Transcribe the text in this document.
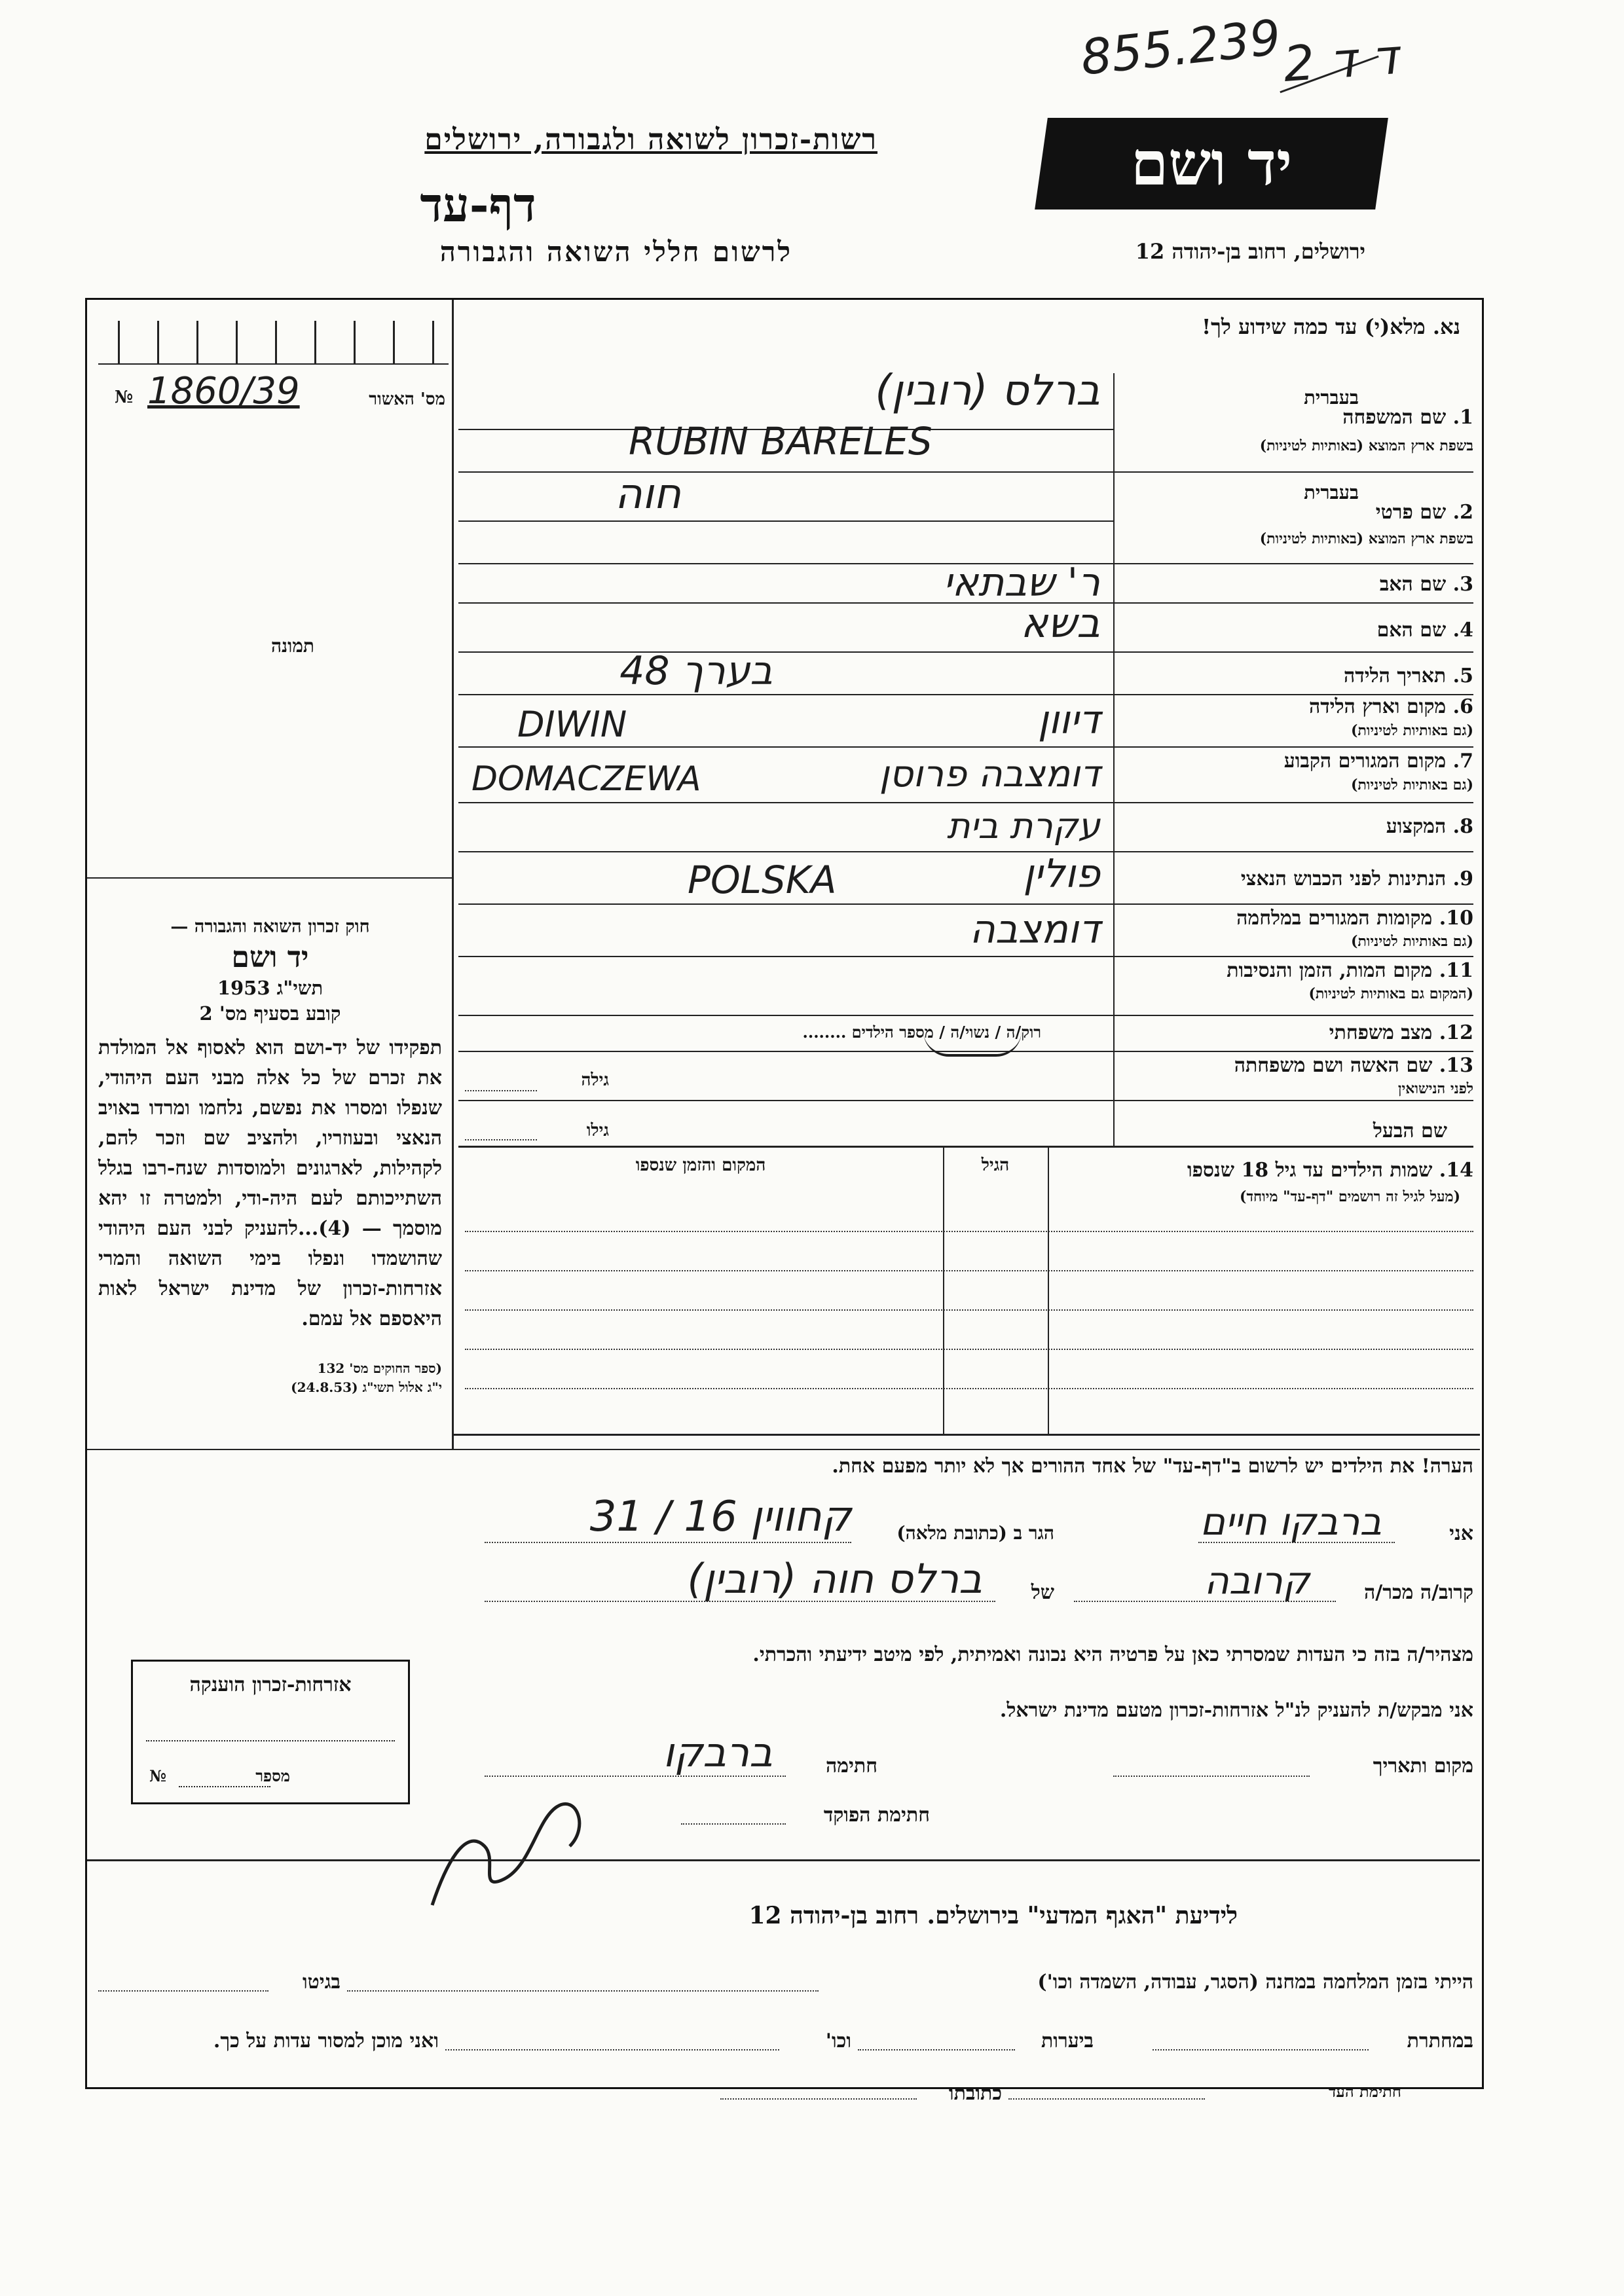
855.239
2 ד ד
רשות-זכרון לשואה ולגבורה, ירושלים
דף-עד
לרשום חללי השואה והגבורה
יד ושם
ירושלים, רחוב בן-יהודה 12
נא. מלא(י) עד כמה שידוע לך!
№ 1860/39	מס' האשור
תמונה
חוק זכרון השואה והגבורה —
יד ושם
תשי"ג 1953
קובע בסעיף מס' 2
תפקידו של יד-ושם הוא לאסוף אל המולדת את זכרם של כל אלה מבני העם היהודי, שנפלו ומסרו את נפשם, נלחמו ומרדו באויב הנאצי ובעוזריו, ולהציב שם וזכר להם, לקהילות, לארגונים ולמוסדות שנח-רבו בגלל השתייכותם לעם היה-ודי, ולמטרה זו יהא מוסמך — (4)...להעניק לבני העם היהודי שהושמדו ונפלו בימי השואה והמרי אזרחות-זכרון של מדינת ישראל לאות היאספם אל עמם.
(ספר החוקים מס' 132
י"ג אלול תשי"ג (24.8.53)
אזרחות-זכרון הוענקה
№	מספר
בעברית
בעברית
1. שם המשפחה
בשפת ארץ המוצא (באותיות לטיניות)
ברלס (רובין)
RUBIN BARELES
2. שם פרטי
בשפת ארץ המוצא (באותיות לטיניות)
חוה
3. שם האב
ר' שבתאי
4. שם האם
בשא
5. תאריך הלידה
בערך 48
6. מקום וארץ הלידה
(גם באותיות לטיניות)
דיוון
DIWIN
7. מקום המגורים הקבוע
(גם באותיות לטיניות)
דומצבה פרוסן
DOMACZEWA
8. המקצוע
עקרת בית
9. הנתינות לפני הכבוש הנאצי
פולין
POLSKA
10. מקומות המגורים במלחמה
(גם באותיות לטיניות)
דומצבה
11. מקום המות, הזמן והנסיבות
(המקום גם באותיות לטיניות)
12. מצב משפחתי
רוק/ה / נשוי/ה / מספר הילדים ........
13. שם האשה ושם משפחתה
לפני הנישואין
גילה
שם הבעל
גילו
14. שמות הילדים עד גיל 18 שנספו
(מעל לגיל זה רושמים "דף-עד" מיוחד)
הגיל
המקום והזמן שנספו
הערה! את הילדים יש לרשום ב"דף-עד" של אחד ההורים אך לא יותר מפעם אחת.
אני
ברבקו חיים
הגר ב (כתובת מלאה)
קחווין 16 / 31
קרוב/ה מכר/ה
קרובה
של
ברלס חוה (רובין)
מצהיר/ה בזה כי העדות שמסרתי כאן על פרטיה היא נכונה ואמיתית, לפי מיטב ידיעתי והכרתי.
אני מבקש/ת להעניק לנ"ל אזרחות-זכרון מטעם מדינת ישראל.
מקום ותאריך
חתימה
ברבקו
חתימת הפוקד
לידיעת "האגף המדעי" בירושלים. רחוב בן-יהודה 12
הייתי בזמן המלחמה במחנה (הסגר, עבודה, השמדה וכו')
בגיטו
במחתרת
ביערות
וכו'
ואני מוכן למסור עדות על כך.
חתימת העד
כתובתו
